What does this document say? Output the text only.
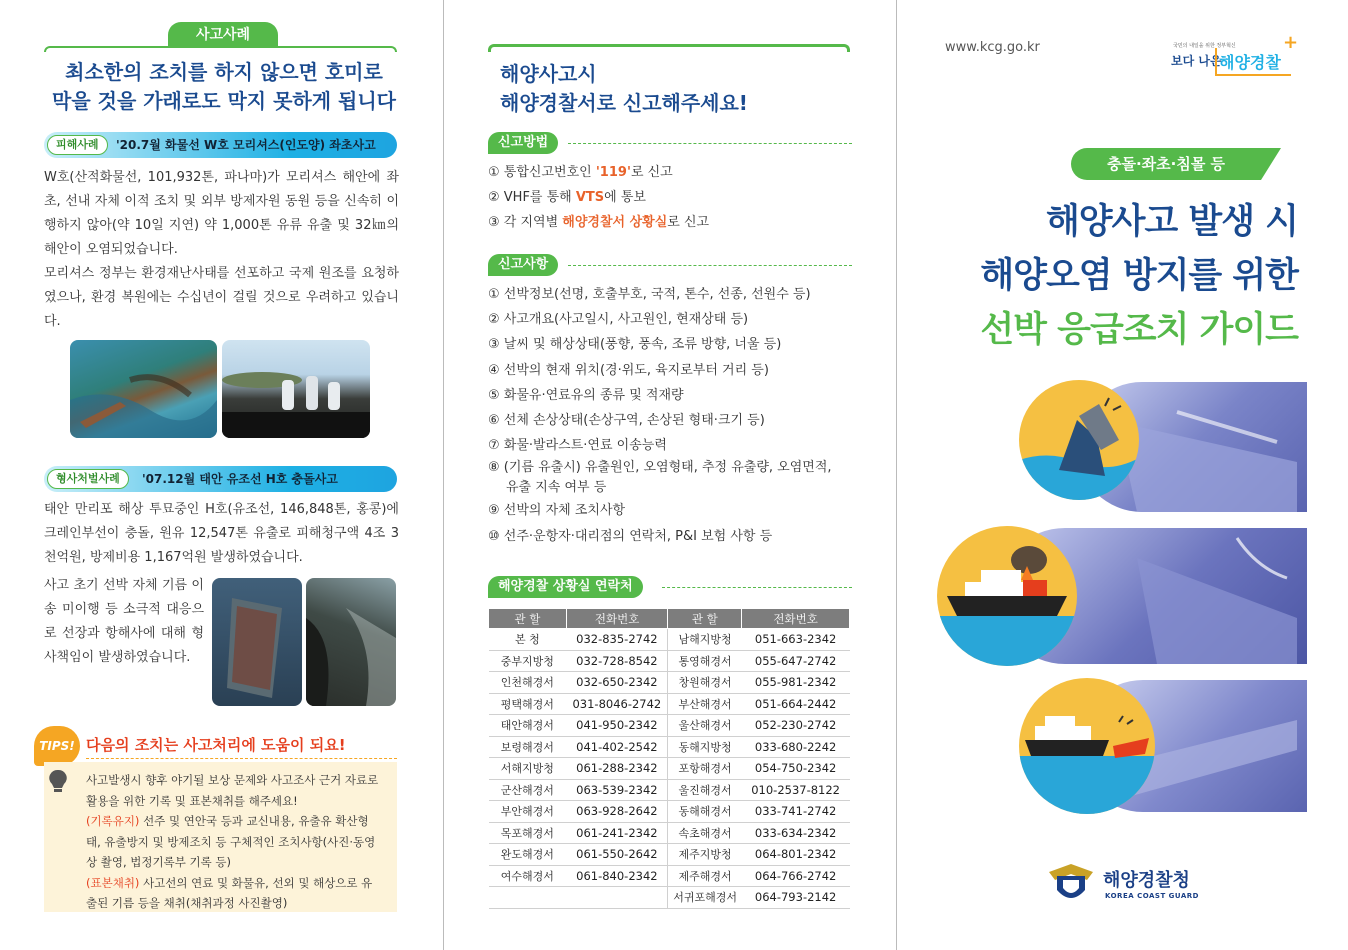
사고사례
최소한의 조치를 하지 않으면 호미로
막을 것을 가래로도 막지 못하게 됩니다
피해사례	'20.7월 화물선 W호 모리셔스(인도양) 좌초사고
W호(산적화물선, 101,932톤, 파나마)가 모리셔스 해안에 좌초, 선내 자체 이적 조치 및 외부 방제자원 동원 등을 신속히 이행하지 않아(약 10일 지연) 약 1,000톤 유류 유출 및 32㎞의 해안이 오염되었습니다.
모리셔스 정부는 환경재난사태를 선포하고 국제 원조를 요청하였으나, 환경 복원에는 수십년이 걸릴 것으로 우려하고 있습니다.
형사처벌사례	'07.12월 태안 유조선 H호 충돌사고
태안 만리포 해상 투묘중인 H호(유조선, 146,848톤, 홍콩)에 크레인부선이 충돌, 원유 12,547톤 유출로 피해청구액 4조 3천억원, 방제비용 1,167억원 발생하였습니다.
사고 초기 선박 자체 기름 이송 미이행 등 소극적 대응으로 선장과 항해사에 대해 형사책임이 발생하였습니다.
TIPS! 다음의 조치는 사고처리에 도움이 되요!
사고발생시 향후 야기될 보상 문제와 사고조사 근거 자료로 활용을 위한 기록 및 표본채취를 해주세요!
(기록유지) 선주 및 연안국 등과 교신내용, 유출유 확산형태, 유출방지 및 방제조치 등 구체적인 조치사항(사진·동영상 촬영, 법정기록부 기록 등)
(표본채취) 사고선의 연료 및 화물유, 선외 및 해상으로 유출된 기름 등을 채취(채취과정 사진촬영)
해양사고시
해양경찰서로 신고해주세요!
신고방법
① 통합신고번호인 '119'로 신고
② VHF를 통해 VTS에 통보
③ 각 지역별 해양경찰서 상황실로 신고
신고사항
① 선박정보(선명, 호출부호, 국적, 톤수, 선종, 선원수 등)
② 사고개요(사고일시, 사고원인, 현재상태 등)
③ 날씨 및 해상상태(풍향, 풍속, 조류 방향, 너울 등)
④ 선박의 현재 위치(경·위도, 육지로부터 거리 등)
⑤ 화물유·연료유의 종류 및 적재량
⑥ 선체 손상상태(손상구역, 손상된 형태·크기 등)
⑦ 화물·발라스트·연료 이송능력
⑧ (기름 유출시) 유출원인, 오염형태, 추정 유출량, 오염면적,
유출 지속 여부 등
⑨ 선박의 자체 조치사항
⑩ 선주·운항자·대리점의 연락처, P&I 보험 사항 등
해양경찰 상황실 연락처
관 할	전화번호	관 할	전화번호
본 청	032-835-2742	남해지방청	051-663-2342
중부지방청	032-728-8542	통영해경서	055-647-2742
인천해경서	032-650-2342	창원해경서	055-981-2342
평택해경서	031-8046-2742	부산해경서	051-664-2442
태안해경서	041-950-2342	울산해경서	052-230-2742
보령해경서	041-402-2542	동해지방청	033-680-2242
서해지방청	061-288-2342	포항해경서	054-750-2342
군산해경서	063-539-2342	울진해경서	010-2537-8122
부안해경서	063-928-2642	동해해경서	033-741-2742
목포해경서	061-241-2342	속초해경서	033-634-2342
완도해경서	061-550-2642	제주지방청	064-801-2342
여수해경서	061-840-2342	제주해경서	064-766-2742
		서귀포해경서	064-793-2142
www.kcg.go.kr	국민의 내일을 위한 정부혁신
보다 나은
해양경찰
+
충돌·좌초·침몰 등
해양사고 발생 시
해양오염 방지를 위한
선박 응급조치 가이드
해양경찰청
KOREA COAST GUARD
